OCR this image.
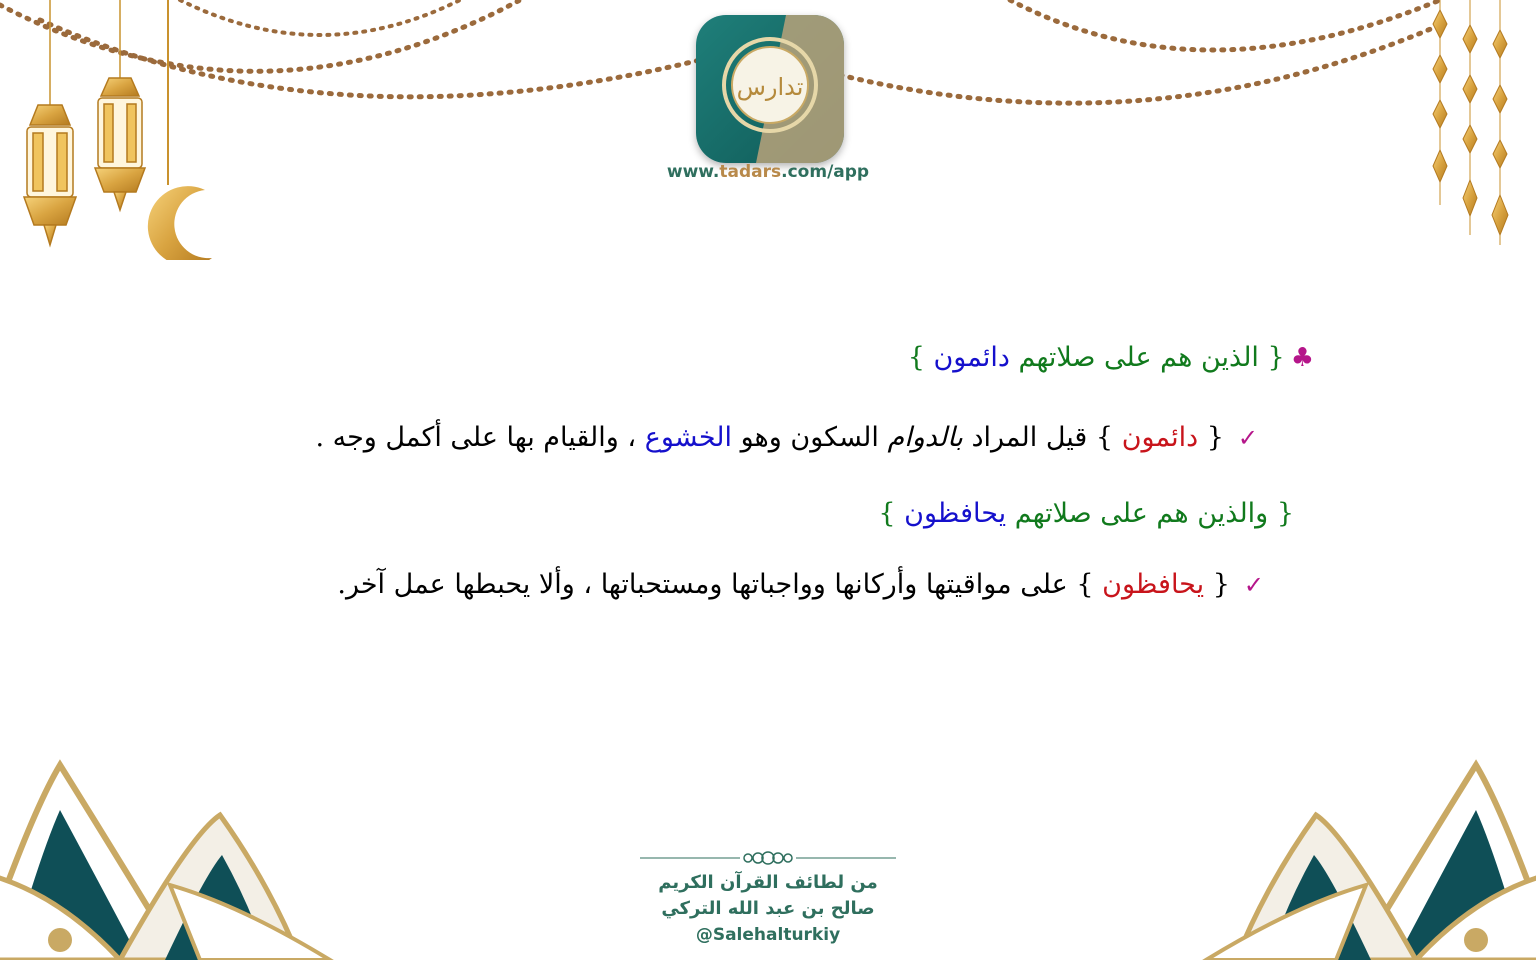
تدارس
www.tadars.com/app
♣{ الذين هم على صلاتهم دائمون }
✓{ دائمون } قيل المراد بالدوام السكون وهو الخشوع ، والقيام بها على أكمل وجه .
{ والذين هم على صلاتهم يحافظون }
✓{ يحافظون } على مواقيتها وأركانها وواجباتها ومستحباتها ، وألا يحبطها عمل آخر.
من لطائف القرآن الكريم
صالح بن عبد الله التركي
@Salehalturkiy
